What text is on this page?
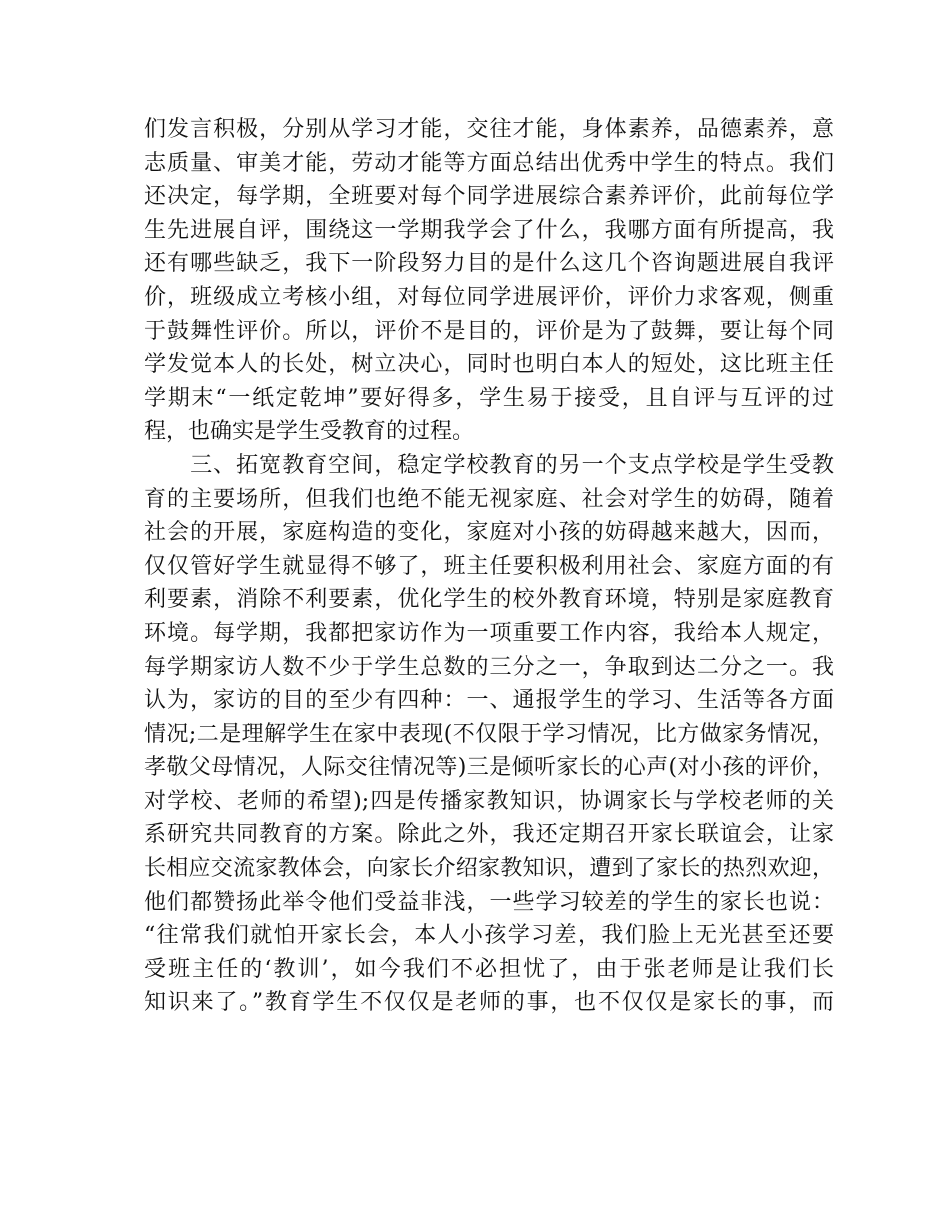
们发言积极，分别从学习才能，交往才能，身体素养，品德素养，意
志质量、审美才能，劳动才能等方面总结出优秀中学生的特点。我们
还决定，每学期，全班要对每个同学进展综合素养评价，此前每位学
生先进展自评，围绕这一学期我学会了什么，我哪方面有所提高，我
还有哪些缺乏，我下一阶段努力目的是什么这几个咨询题进展自我评
价，班级成立考核小组，对每位同学进展评价，评价力求客观，侧重
于鼓舞性评价。所以，评价不是目的，评价是为了鼓舞，要让每个同
学发觉本人的长处，树立决心，同时也明白本人的短处，这比班主任
学期末“一纸定乾坤”要好得多，学生易于接受，且自评与互评的过
程，也确实是学生受教育的过程。
　　三、拓宽教育空间，稳定学校教育的另一个支点学校是学生受教
育的主要场所，但我们也绝不能无视家庭、社会对学生的妨碍，随着
社会的开展，家庭构造的变化，家庭对小孩的妨碍越来越大，因而，
仅仅管好学生就显得不够了，班主任要积极利用社会、家庭方面的有
利要素，消除不利要素，优化学生的校外教育环境，特别是家庭教育
环境。每学期，我都把家访作为一项重要工作内容，我给本人规定，
每学期家访人数不少于学生总数的三分之一，争取到达二分之一。我
认为，家访的目的至少有四种：一、通报学生的学习、生活等各方面
情况;二是理解学生在家中表现(不仅限于学习情况，比方做家务情况，
孝敬父母情况，人际交往情况等)三是倾听家长的心声(对小孩的评价，
对学校、老师的希望);四是传播家教知识，协调家长与学校老师的关
系研究共同教育的方案。除此之外，我还定期召开家长联谊会，让家
长相应交流家教体会，向家长介绍家教知识，遭到了家长的热烈欢迎，
他们都赞扬此举令他们受益非浅，一些学习较差的学生的家长也说：
“往常我们就怕开家长会，本人小孩学习差，我们脸上无光甚至还要
受班主任的‘教训’，如今我们不必担忧了，由于张老师是让我们长
知识来了。”教育学生不仅仅是老师的事，也不仅仅是家长的事，而
